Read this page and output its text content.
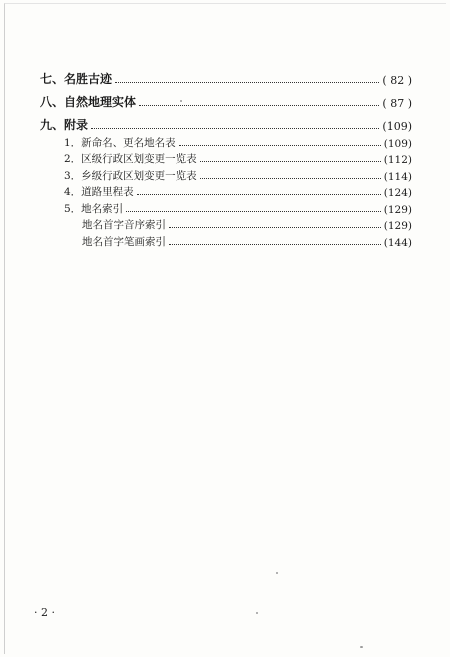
七、名胜古迹	( 82 )
八、自然地理实体	( 87 )
九、附录	(109)
1．新命名、更名地名表	(109)
2．区级行政区划变更一览表	(112)
3．乡级行政区划变更一览表	(114)
4．道路里程表	(124)
5．地名索引	(129)
地名首字音序索引	(129)
地名首字笔画索引	(144)
· 2 ·
